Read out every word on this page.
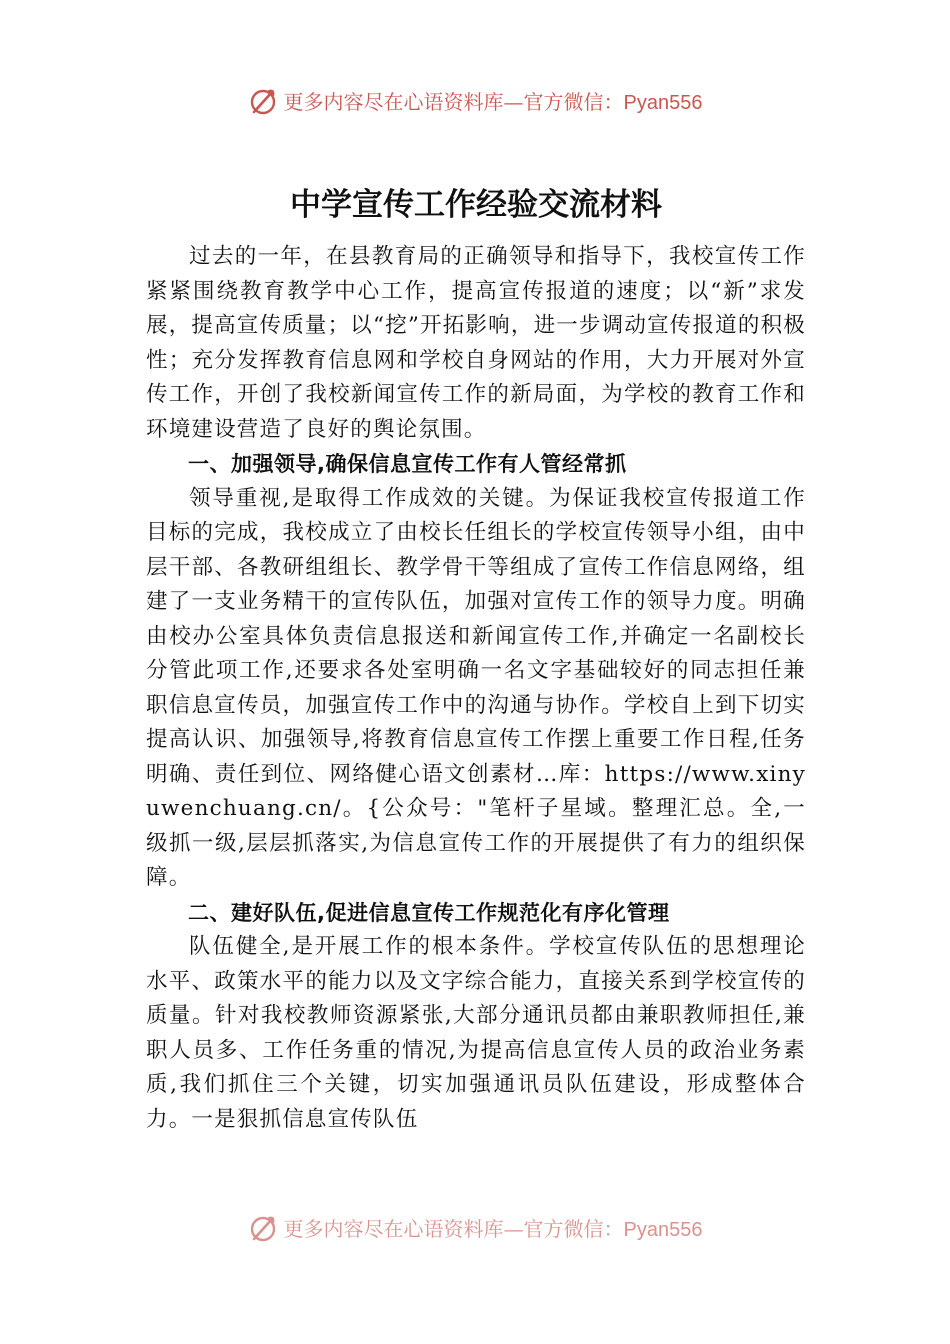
更多内容尽在心语资料库—官方微信：Pyan556
中学宣传工作经验交流材料

过去的一年，在县教育局的正确领导和指导下，我校宣传工作紧紧围绕教育教学中心工作，提高宣传报道的速度；以“新”求发展，提高宣传质量；以“挖”开拓影响，进一步调动宣传报道的积极性；充分发挥教育信息网和学校自身网站的作用，大力开展对外宣传工作，开创了我校新闻宣传工作的新局面，为学校的教育工作和环境建设营造了良好的舆论氛围。

一、加强领导,确保信息宣传工作有人管经常抓

领导重视,是取得工作成效的关键。为保证我校宣传报道工作目标的完成，我校成立了由校长任组长的学校宣传领导小组，由中层干部、各教研组组长、教学骨干等组成了宣传工作信息网络，组建了一支业务精干的宣传队伍，加强对宣传工作的领导力度。明确由校办公室具体负责信息报送和新闻宣传工作,并确定一名副校长分管此项工作,还要求各处室明确一名文字基础较好的同志担任兼职信息宣传员，加强宣传工作中的沟通与协作。学校自上到下切实提高认识、加强领导,将教育信息宣传工作摆上重要工作日程,任务明确、责任到位、网络健心语文创素材…库：https://www.xinyuwenchuang.cn/。{公众号："笔杆子星域。整理汇总。全,一级抓一级,层层抓落实,为信息宣传工作的开展提供了有力的组织保障。

二、建好队伍,促进信息宣传工作规范化有序化管理

队伍健全,是开展工作的根本条件。学校宣传队伍的思想理论水平、政策水平的能力以及文字综合能力，直接关系到学校宣传的质量。针对我校教师资源紧张,大部分通讯员都由兼职教师担任,兼职人员多、工作任务重的情况,为提高信息宣传人员的政治业务素质,我们抓住三个关键，切实加强通讯员队伍建设，形成整体合力。一是狠抓信息宣传队伍

更多内容尽在心语资料库—官方微信：Pyan556
